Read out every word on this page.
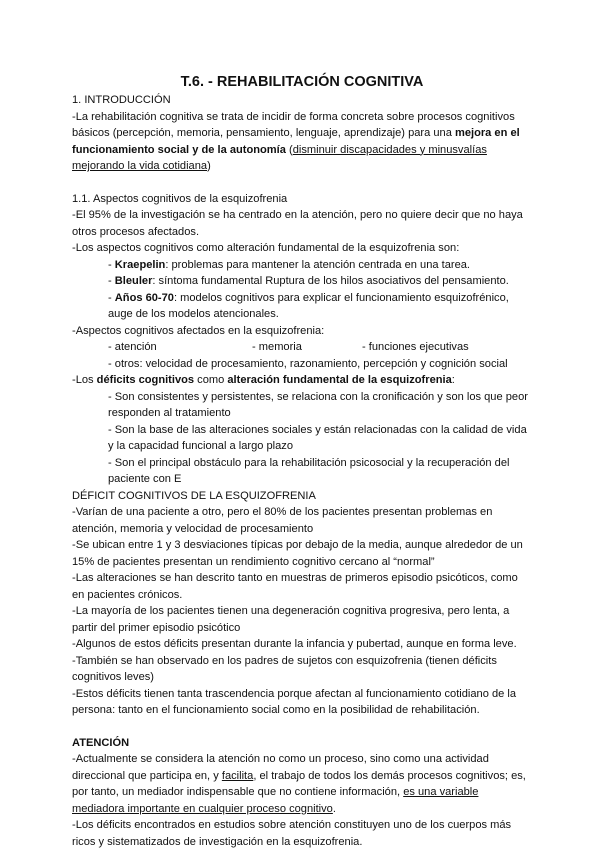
T.6. - REHABILITACIÓN COGNITIVA

1. INTRODUCCIÓN

-La rehabilitación cognitiva se trata de incidir de forma concreta sobre procesos cognitivos básicos (percepción, memoria, pensamiento, lenguaje, aprendizaje) para una mejora en el funcionamiento social y de la autonomía (disminuir discapacidades y minusvalías mejorando la vida cotidiana)

1.1. Aspectos cognitivos de la esquizofrenia

-El 95% de la investigación se ha centrado en la atención, pero no quiere decir que no haya otros procesos afectados.

-Los aspectos cognitivos como alteración fundamental de la esquizofrenia son:

- Kraepelin: problemas para mantener la atención centrada en una tarea.

- Bleuler: síntoma fundamental Ruptura de los hilos asociativos del pensamiento.

- Años 60-70: modelos cognitivos para explicar el funcionamiento esquizofrénico, auge de los modelos atencionales.

-Aspectos cognitivos afectados en la esquizofrenia:

- atención	- memoria	- funciones ejecutivas

- otros: velocidad de procesamiento, razonamiento, percepción y cognición social

-Los déficits cognitivos como alteración fundamental de la esquizofrenia:

- Son consistentes y persistentes, se relaciona con la cronificación y son los que peor responden al tratamiento

- Son la base de las alteraciones sociales y están relacionadas con la calidad de vida y la capacidad funcional a largo plazo

- Son el principal obstáculo para la rehabilitación psicosocial y la recuperación del paciente con E

DÉFICIT COGNITIVOS DE LA ESQUIZOFRENIA

-Varían de una paciente a otro, pero el 80% de los pacientes presentan problemas en atención, memoria y velocidad de procesamiento

-Se ubican entre 1 y 3 desviaciones típicas por debajo de la media, aunque alrededor de un 15% de pacientes presentan un rendimiento cognitivo cercano al “normal”

-Las alteraciones se han descrito tanto en muestras de primeros episodio psicóticos, como en pacientes crónicos.

-La mayoría de los pacientes tienen una degeneración cognitiva progresiva, pero lenta, a partir del primer episodio psicótico

-Algunos de estos déficits presentan durante la infancia y pubertad, aunque en forma leve.

-También se han observado en los padres de sujetos con esquizofrenia (tienen déficits cognitivos leves)

-Estos déficits tienen tanta trascendencia porque afectan al funcionamiento cotidiano de la persona: tanto en el funcionamiento social como en la posibilidad de rehabilitación.

ATENCIÓN

-Actualmente se considera la atención no como un proceso, sino como una actividad direccional que participa en, y facilita, el trabajo de todos los demás procesos cognitivos; es, por tanto, un mediador indispensable que no contiene información, es una variable mediadora importante en cualquier proceso cognitivo.

-Los déficits encontrados en estudios sobre atención constituyen uno de los cuerpos más ricos y sistematizados de investigación en la esquizofrenia.
